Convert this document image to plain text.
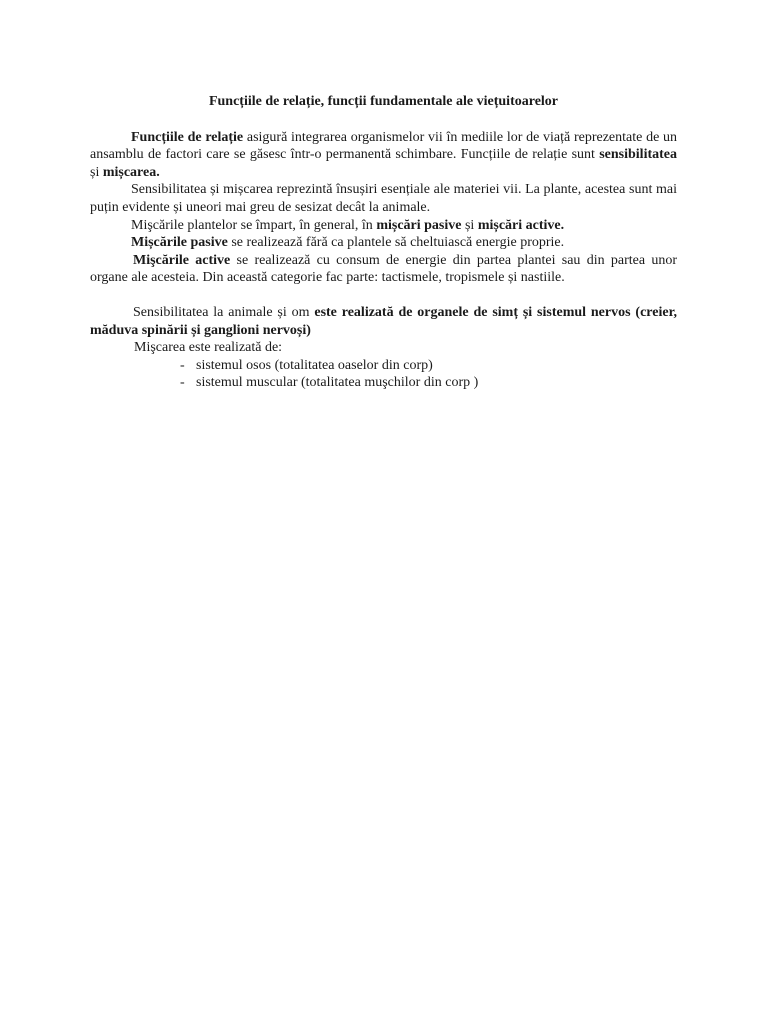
Funcțiile de relație, funcții fundamentale ale viețuitoarelor

Funcțiile de relație asigură integrarea organismelor vii în mediile lor de viață reprezentate de un ansamblu de factori care se găsesc într-o permanentă schimbare. Funcțiile de relație sunt sensibilitatea și mișcarea.

Sensibilitatea și mișcarea reprezintă însușiri esențiale ale materiei vii. La plante, acestea sunt mai puțin evidente și uneori mai greu de sesizat decât la animale.

Mişcările plantelor se împart, în general, în mișcări pasive și mișcări active.

Mișcările pasive se realizează fără ca plantele să cheltuiască energie proprie.

Mişcările active se realizează cu consum de energie din partea plantei sau din partea unor organe ale acesteia. Din această categorie fac parte: tactismele, tropismele și nastiile.

Sensibilitatea la animale și om este realizată de organele de simț și sistemul nervos (creier, măduva spinării și ganglioni nervoși)

Mişcarea este realizată de:

- sistemul osos (totalitatea oaselor din corp)

- sistemul muscular (totalitatea muşchilor din corp )
